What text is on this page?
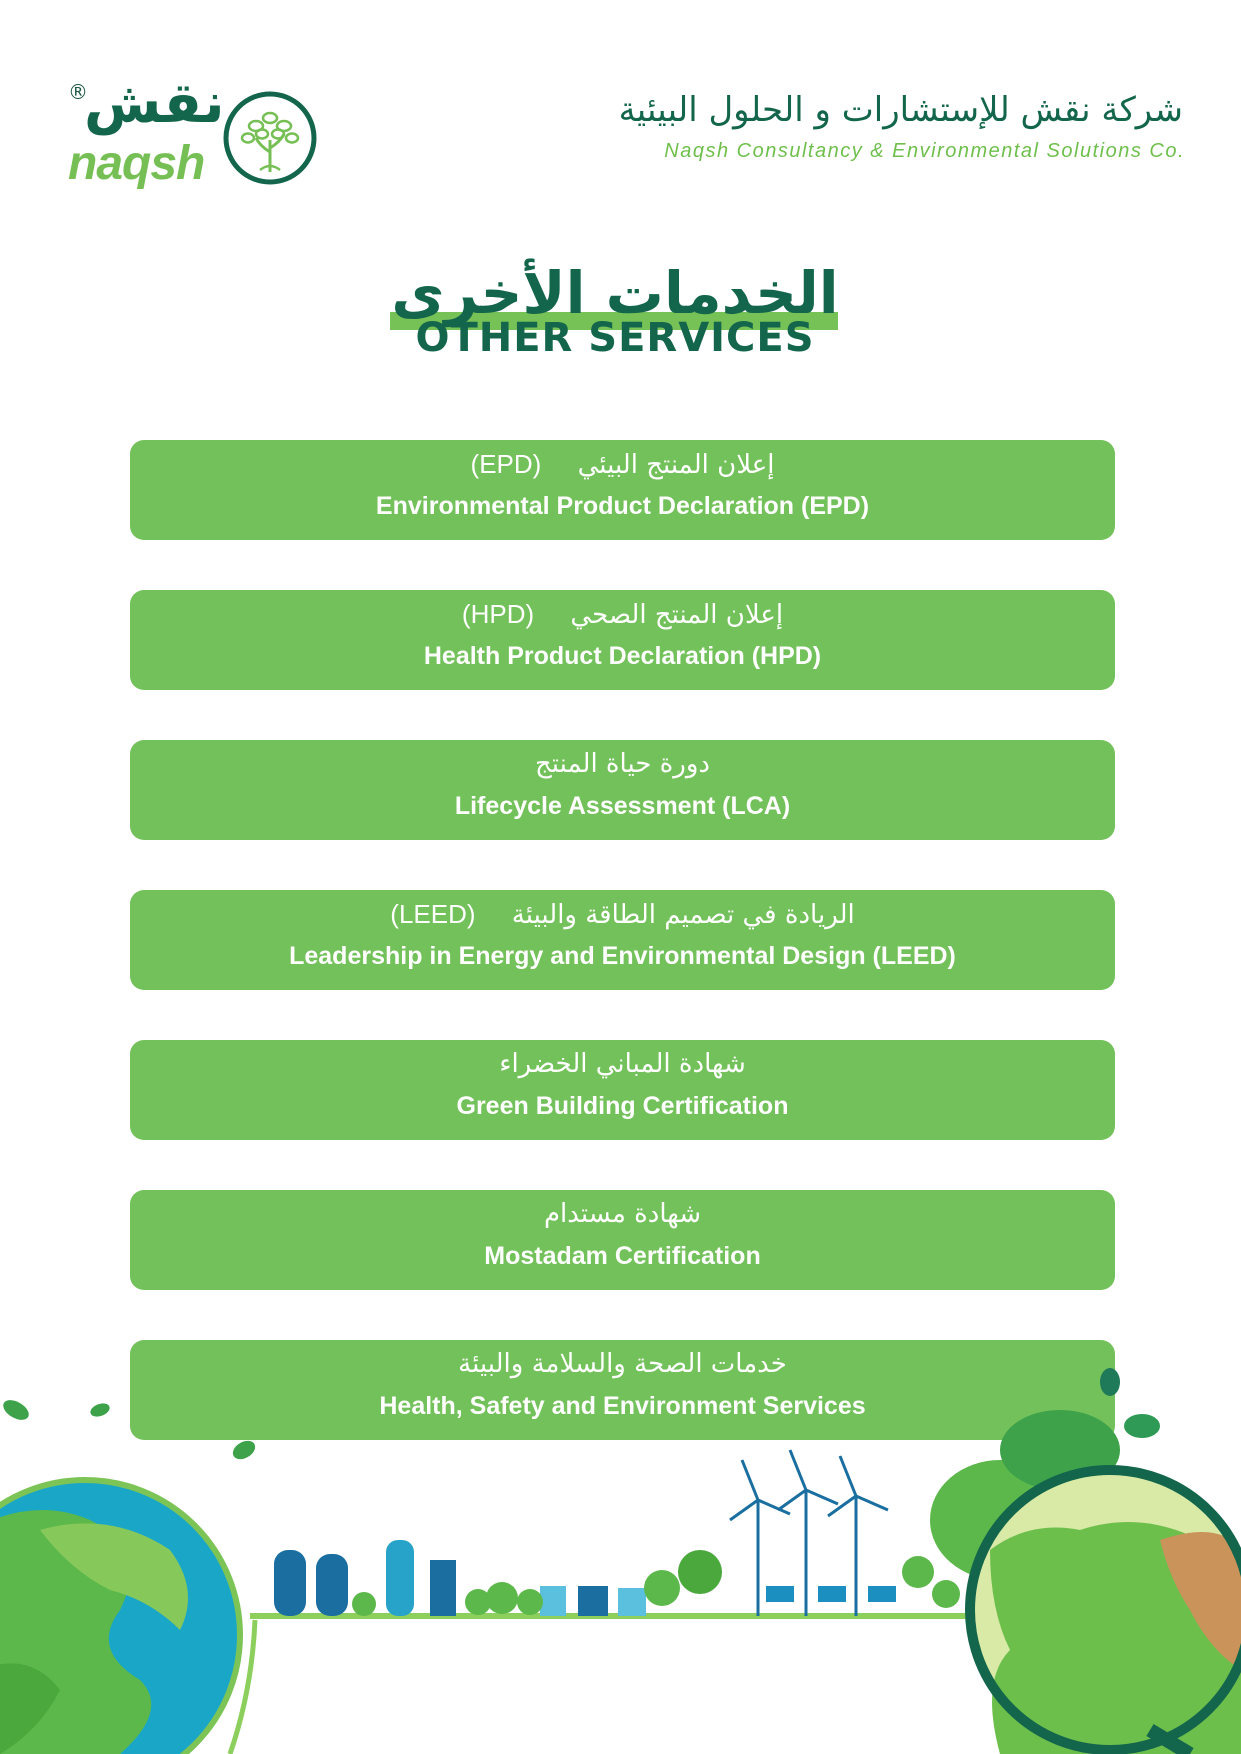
®
نقش
naqsh
شركة نقش للإستشارات و الحلول البيئية
Naqsh Consultancy & Environmental Solutions Co.
الخدمات الأخرى
OTHER SERVICES
إعلان المنتج البيئي (EPD)
Environmental Product Declaration (EPD)
إعلان المنتج الصحي (HPD)
Health Product Declaration (HPD)
دورة حياة المنتج
Lifecycle Assessment (LCA)
الريادة في تصميم الطاقة والبيئة (LEED)
Leadership in Energy and Environmental Design (LEED)
شهادة المباني الخضراء
Green Building Certification
شهادة مستدام
Mostadam Certification
خدمات الصحة والسلامة والبيئة
Health, Safety and Environment Services
